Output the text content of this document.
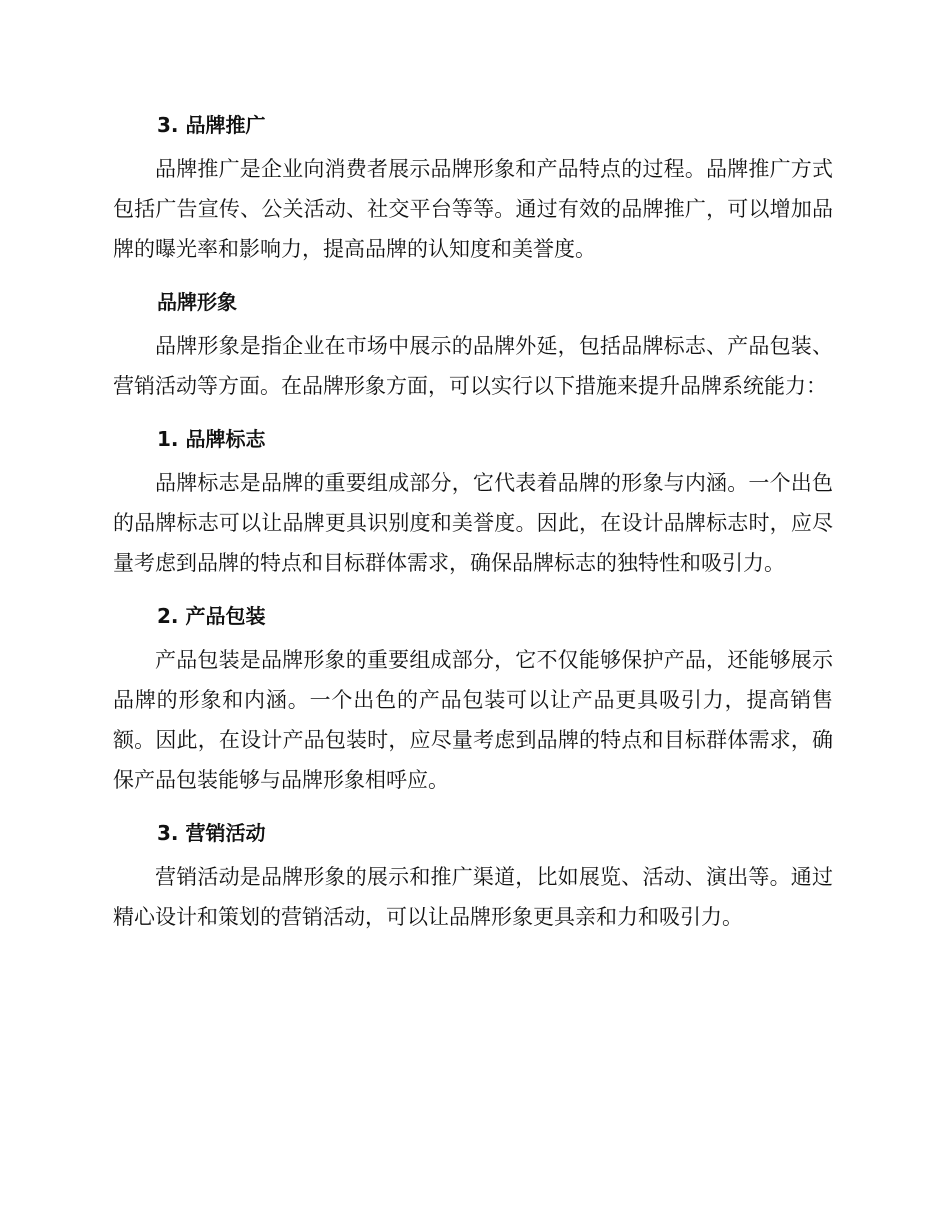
3. 品牌推广

品牌推广是企业向消费者展示品牌形象和产品特点的过程。品牌推广方式包括广告宣传、公关活动、社交平台等等。通过有效的品牌推广，可以增加品牌的曝光率和影响力，提高品牌的认知度和美誉度。

品牌形象

品牌形象是指企业在市场中展示的品牌外延，包括品牌标志、产品包装、营销活动等方面。在品牌形象方面，可以实行以下措施来提升品牌系统能力：

1. 品牌标志

品牌标志是品牌的重要组成部分，它代表着品牌的形象与内涵。一个出色的品牌标志可以让品牌更具识别度和美誉度。因此，在设计品牌标志时，应尽量考虑到品牌的特点和目标群体需求，确保品牌标志的独特性和吸引力。

2. 产品包装

产品包装是品牌形象的重要组成部分，它不仅能够保护产品，还能够展示品牌的形象和内涵。一个出色的产品包装可以让产品更具吸引力，提高销售额。因此，在设计产品包装时，应尽量考虑到品牌的特点和目标群体需求，确保产品包装能够与品牌形象相呼应。

3. 营销活动

营销活动是品牌形象的展示和推广渠道，比如展览、活动、演出等。通过精心设计和策划的营销活动，可以让品牌形象更具亲和力和吸引力。
